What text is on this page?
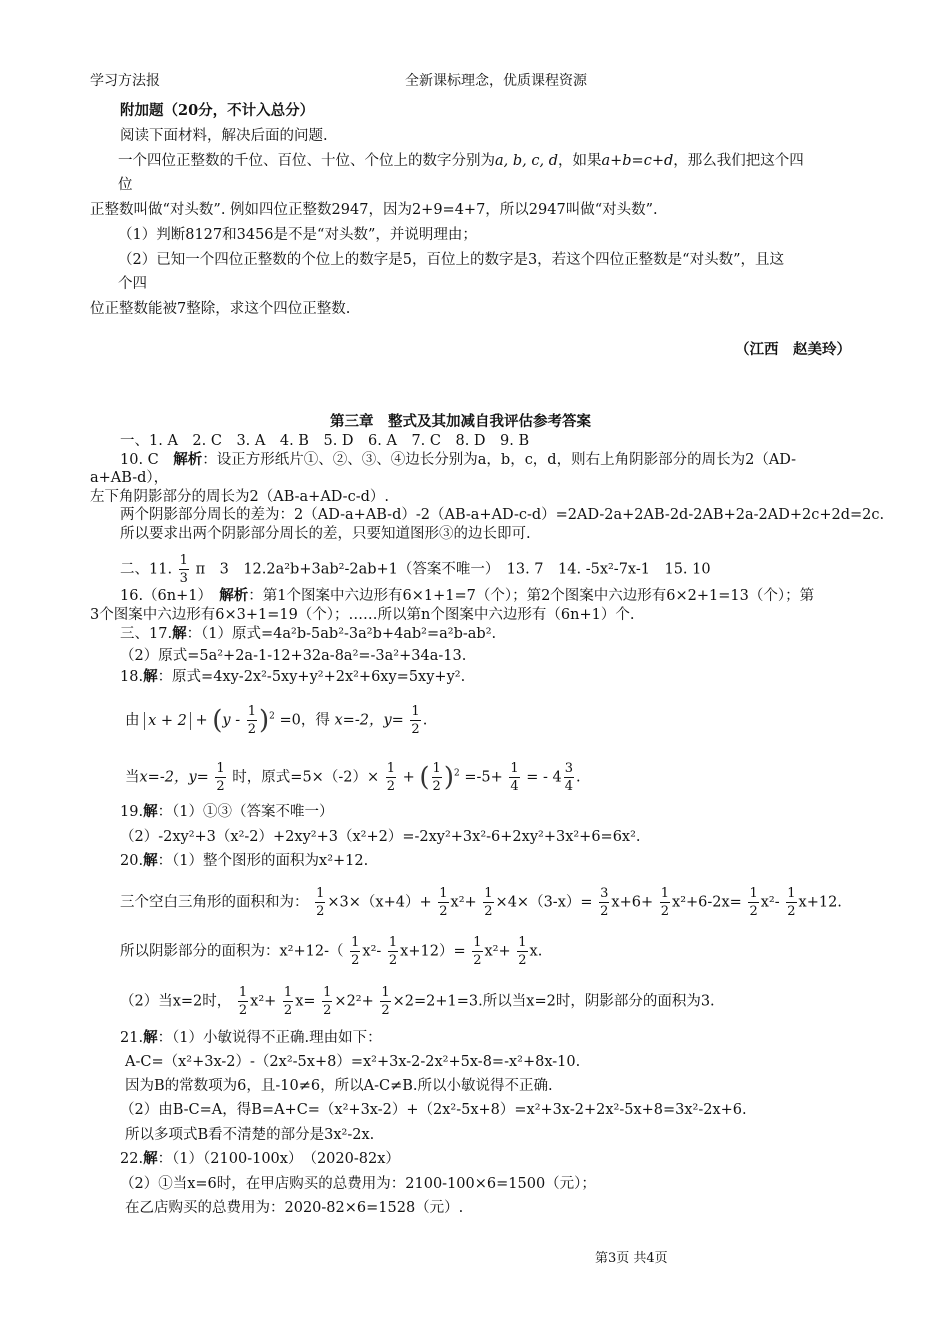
学习方法报	全新课标理念，优质课程资源
附加题（20分，不计入总分）
阅读下面材料，解决后面的问题.
一个四位正整数的千位、百位、十位、个位上的数字分别为a, b, c, d，如果a+b=c+d，那么我们把这个四
位
正整数叫做“对头数”. 例如四位正整数2947，因为2+9=4+7，所以2947叫做“对头数”.
（1）判断8127和3456是不是“对头数”，并说明理由；
（2）已知一个四位正整数的个位上的数字是5，百位上的数字是3，若这个四位正整数是“对头数”，且这
个四
位正整数能被7整除，求这个四位正整数.
（江西　赵美玲）
第三章　整式及其加减自我评估参考答案
一、1. A　2. C　3. A　4. B　5. D　6. A　7. C　8. D　9. B
10. C　解析：设正方形纸片①、②、③、④边长分别为a，b，c，d，则右上角阴影部分的周长为2（AD-
a+AB-d），
左下角阴影部分的周长为2（AB-a+AD-c-d）.
两个阴影部分周长的差为：2（AD-a+AB-d）-2（AB-a+AD-c-d）=2AD-2a+2AB-2d-2AB+2a-2AD+2c+2d=2c.
所以要求出两个阴影部分周长的差，只要知道图形③的边长即可.
二、11. $\frac{1}{3}$ π　3　12.2a²b+3ab²-2ab+1（答案不唯一）　13. 7　14. -5x²-7x-1　15. 10
16.（6n+1）　 解析：第1个图案中六边形有6×1+1=7（个）；第2个图案中六边形有6×2+1=13（个）；第
3个图案中六边形有6×3+1=19（个）；……所以第n个图案中六边形有（6n+1）个.
三、17.解：（1）原式=4a²b-5ab²-3a²b+4ab²=a²b-ab².
（2）原式=5a²+2a-1-12+32a-8a²=-3a²+34a-13.
18.解：原式=4xy-2x²-5xy+y²+2x²+6xy=5xy+y².
由 $x + 2 + (y - \frac{1}{2} )^2 =0$，得 x=-2，$y= \frac{1}{2}$ .
当x=-2，$y= \frac{1}{2}$ 时，原式$=5\times(-2)\times \frac{1}{2}$ + ( $\frac{1}{2} )^2 =-5+ \frac{1}{4}$ = - $4 \frac{3}{4}$ .
19.解：（1）①③（答案不唯一）
（2）-2xy²+3（x²-2）+2xy²+3（x²+2）=-2xy²+3x²-6+2xy²+3x²+6=6x².
20.解：（1）整个图形的面积为x²+12.
三个空白三角形的面积和为： $\frac{1}{2} \times 3\times(x+4)+ \frac{1}{2} x^2+ \frac{1}{2} \times 4\times(3-x)= \frac{3}{2} x+6+ \frac{1}{2} x^2+6-2x= \frac{1}{2} x^2- \frac{1}{2} x+12$.
所以阴影部分的面积为：$x^2+12-( \frac{1}{2} x^2- \frac{1}{2} x+12)= \frac{1}{2} x^2+ \frac{1}{2} x$.
（2）当x=2时， $\frac{1}{2} x^2+ \frac{1}{2} x= \frac{1}{2} \times 2^2+ \frac{1}{2} \times 2=2+1=3$.所以当x=2时，阴影部分的面积为3.
21.解：（1）小敏说得不正确.理由如下：
A-C=（x²+3x-2）-（2x²-5x+8）=x²+3x-2-2x²+5x-8=-x²+8x-10.
因为B的常数项为6，且-10≠6，所以A-C≠B.所以小敏说得不正确.
（2）由B-C=A，得B=A+C=（x²+3x-2）+（2x²-5x+8）=x²+3x-2+2x²-5x+8=3x²-2x+6.
所以多项式B看不清楚的部分是3x²-2x.
22.解：（1）（2100-100x）　（2020-82x）
（2）①当x=6时，在甲店购买的总费用为：2100-100×6=1500（元）；
在乙店购买的总费用为：2020-82×6=1528（元）.
第3页 共4页
